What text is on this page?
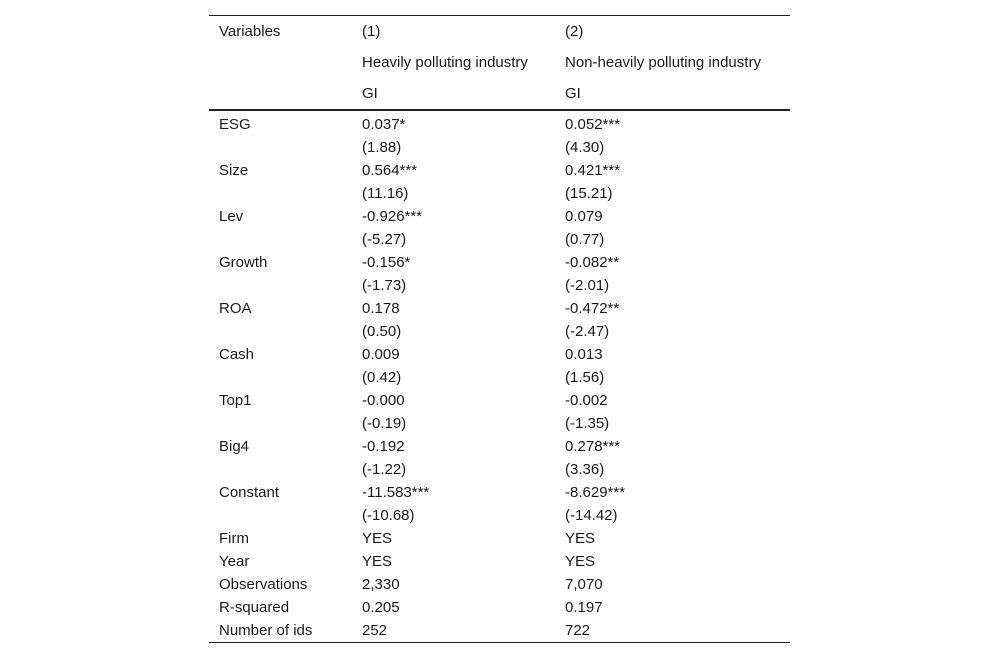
Variables	(1)	(2)
	Heavily polluting industry	Non-heavily polluting industry
	GI	GI
ESG	0.037*	0.052***
	(1.88)	(4.30)
Size	0.564***	0.421***
	(11.16)	(15.21)
Lev	-0.926***	0.079
	(-5.27)	(0.77)
Growth	-0.156*	-0.082**
	(-1.73)	(-2.01)
ROA	0.178	-0.472**
	(0.50)	(-2.47)
Cash	0.009	0.013
	(0.42)	(1.56)
Top1	-0.000	-0.002
	(-0.19)	(-1.35)
Big4	-0.192	0.278***
	(-1.22)	(3.36)
Constant	-11.583***	-8.629***
	(-10.68)	(-14.42)
Firm	YES	YES
Year	YES	YES
Observations	2,330	7,070
R-squared	0.205	0.197
Number of ids	252	722
